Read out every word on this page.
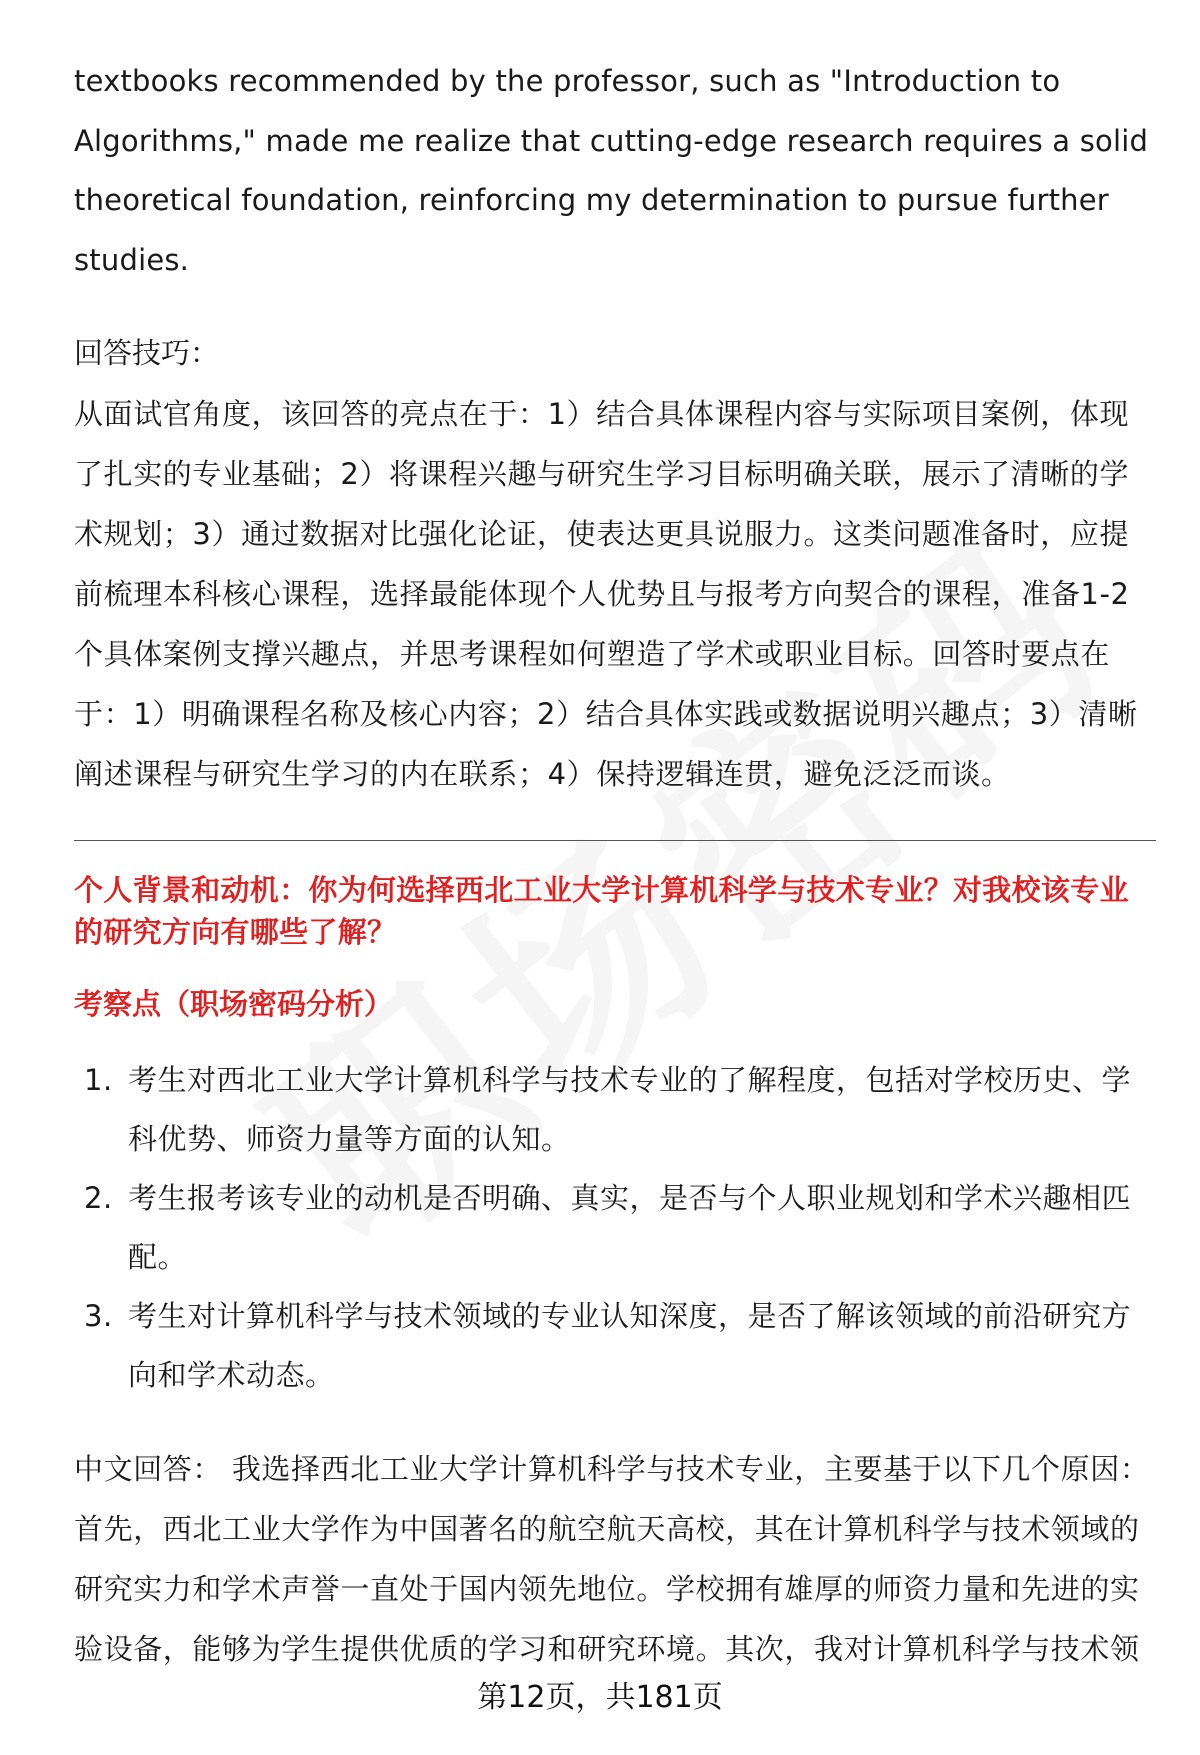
textbooks recommended by the professor, such as "Introduction to Algorithms," made me realize that cutting-edge research requires a solid theoretical foundation, reinforcing my determination to pursue further studies.

回答技巧：
从面试官角度，该回答的亮点在于：1）结合具体课程内容与实际项目案例，体现了扎实的专业基础；2）将课程兴趣与研究生学习目标明确关联，展示了清晰的学术规划；3）通过数据对比强化论证，使表达更具说服力。这类问题准备时，应提前梳理本科核心课程，选择最能体现个人优势且与报考方向契合的课程，准备1-2个具体案例支撑兴趣点，并思考课程如何塑造了学术或职业目标。回答时要点在于：1）明确课程名称及核心内容；2）结合具体实践或数据说明兴趣点；3）清晰阐述课程与研究生学习的内在联系；4）保持逻辑连贯，避免泛泛而谈。
个人背景和动机：你为何选择西北工业大学计算机科学与技术专业？对我校该专业的研究方向有哪些了解？
考察点（职场密码分析）
1. 考生对西北工业大学计算机科学与技术专业的了解程度，包括对学校历史、学科优势、师资力量等方面的认知。
2. 考生报考该专业的动机是否明确、真实，是否与个人职业规划和学术兴趣相匹配。
3. 考生对计算机科学与技术领域的专业认知深度，是否了解该领域的前沿研究方向和学术动态。
中文回答： 我选择西北工业大学计算机科学与技术专业，主要基于以下几个原因：首先，西北工业大学作为中国著名的航空航天高校，其在计算机科学与技术领域的研究实力和学术声誉一直处于国内领先地位。学校拥有雄厚的师资力量和先进的实验设备，能够为学生提供优质的学习和研究环境。其次，我对计算机科学与技术领
第12页，共181页
